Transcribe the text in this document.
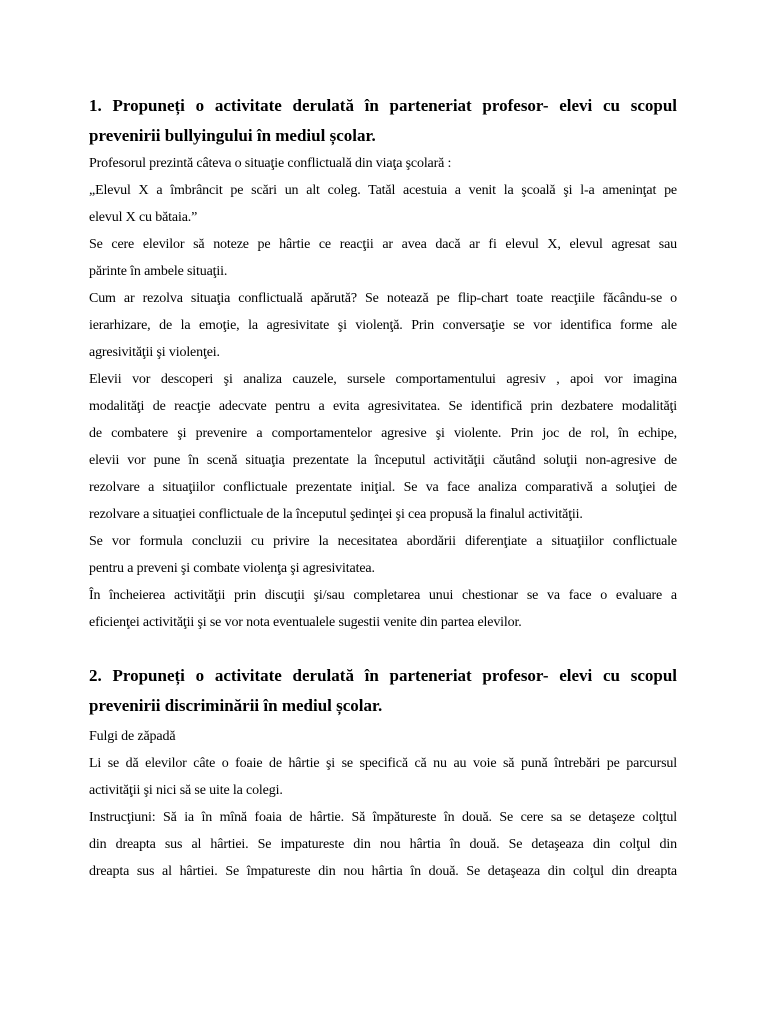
1. Propuneți o activitate derulată în parteneriat profesor- elevi cu scopul prevenirii bullyingului în mediul școlar.
Profesorul prezintă câteva o situaţie conflictuală din viaţa şcolară :
„Elevul X a îmbrâncit pe scări un alt coleg. Tatăl acestuia a venit la şcoală şi l-a ameninţat pe
elevul X cu bătaia.”
Se cere elevilor să noteze pe hârtie ce reacţii ar avea dacă ar fi elevul X, elevul agresat sau
părinte în ambele situaţii.
Cum ar rezolva situaţia conflictuală apărută? Se notează pe flip-chart toate reacţiile făcându-se o
ierarhizare, de la emoţie, la agresivitate şi violenţă. Prin conversaţie se vor identifica forme ale
agresivităţii şi violenţei.
Elevii vor descoperi şi analiza cauzele, sursele comportamentului agresiv , apoi vor imagina
modalităţi de reacţie adecvate pentru a evita agresivitatea. Se identifică prin dezbatere modalităţi
de combatere şi prevenire a comportamentelor agresive şi violente. Prin joc de rol, în echipe,
elevii vor pune în scenă situaţia prezentate la începutul activităţii căutând soluţii non-agresive de
rezolvare a situaţiilor conflictuale prezentate iniţial. Se va face analiza comparativă a soluţiei de
rezolvare a situaţiei conflictuale de la începutul şedinţei şi cea propusă la finalul activităţii.
Se vor formula concluzii cu privire la necesitatea abordării diferenţiate a situaţiilor conflictuale
pentru a preveni şi combate violenţa şi agresivitatea.
În încheierea activităţii prin discuţii şi/sau completarea unui chestionar se va face o evaluare a
eficienţei activităţii şi se vor nota eventualele sugestii venite din partea elevilor.
2. Propuneți o activitate derulată în parteneriat profesor- elevi cu scopul prevenirii discriminării în mediul școlar.
Fulgi de zăpadă
Li se dă elevilor câte o foaie de hârtie şi se specifică că nu au voie să pună întrebări pe parcursul
activităţii şi nici să se uite la colegi.
Instrucţiuni: Să ia în mînă foaia de hârtie. Să împătureste în două. Se cere sa se detaşeze colţtul
din dreapta sus al hârtiei. Se impatureste din nou hârtia în două. Se detaşeaza din colţul din
dreapta sus al hârtiei. Se împatureste din nou hârtia în două. Se detaşeaza din colţul din dreapta
